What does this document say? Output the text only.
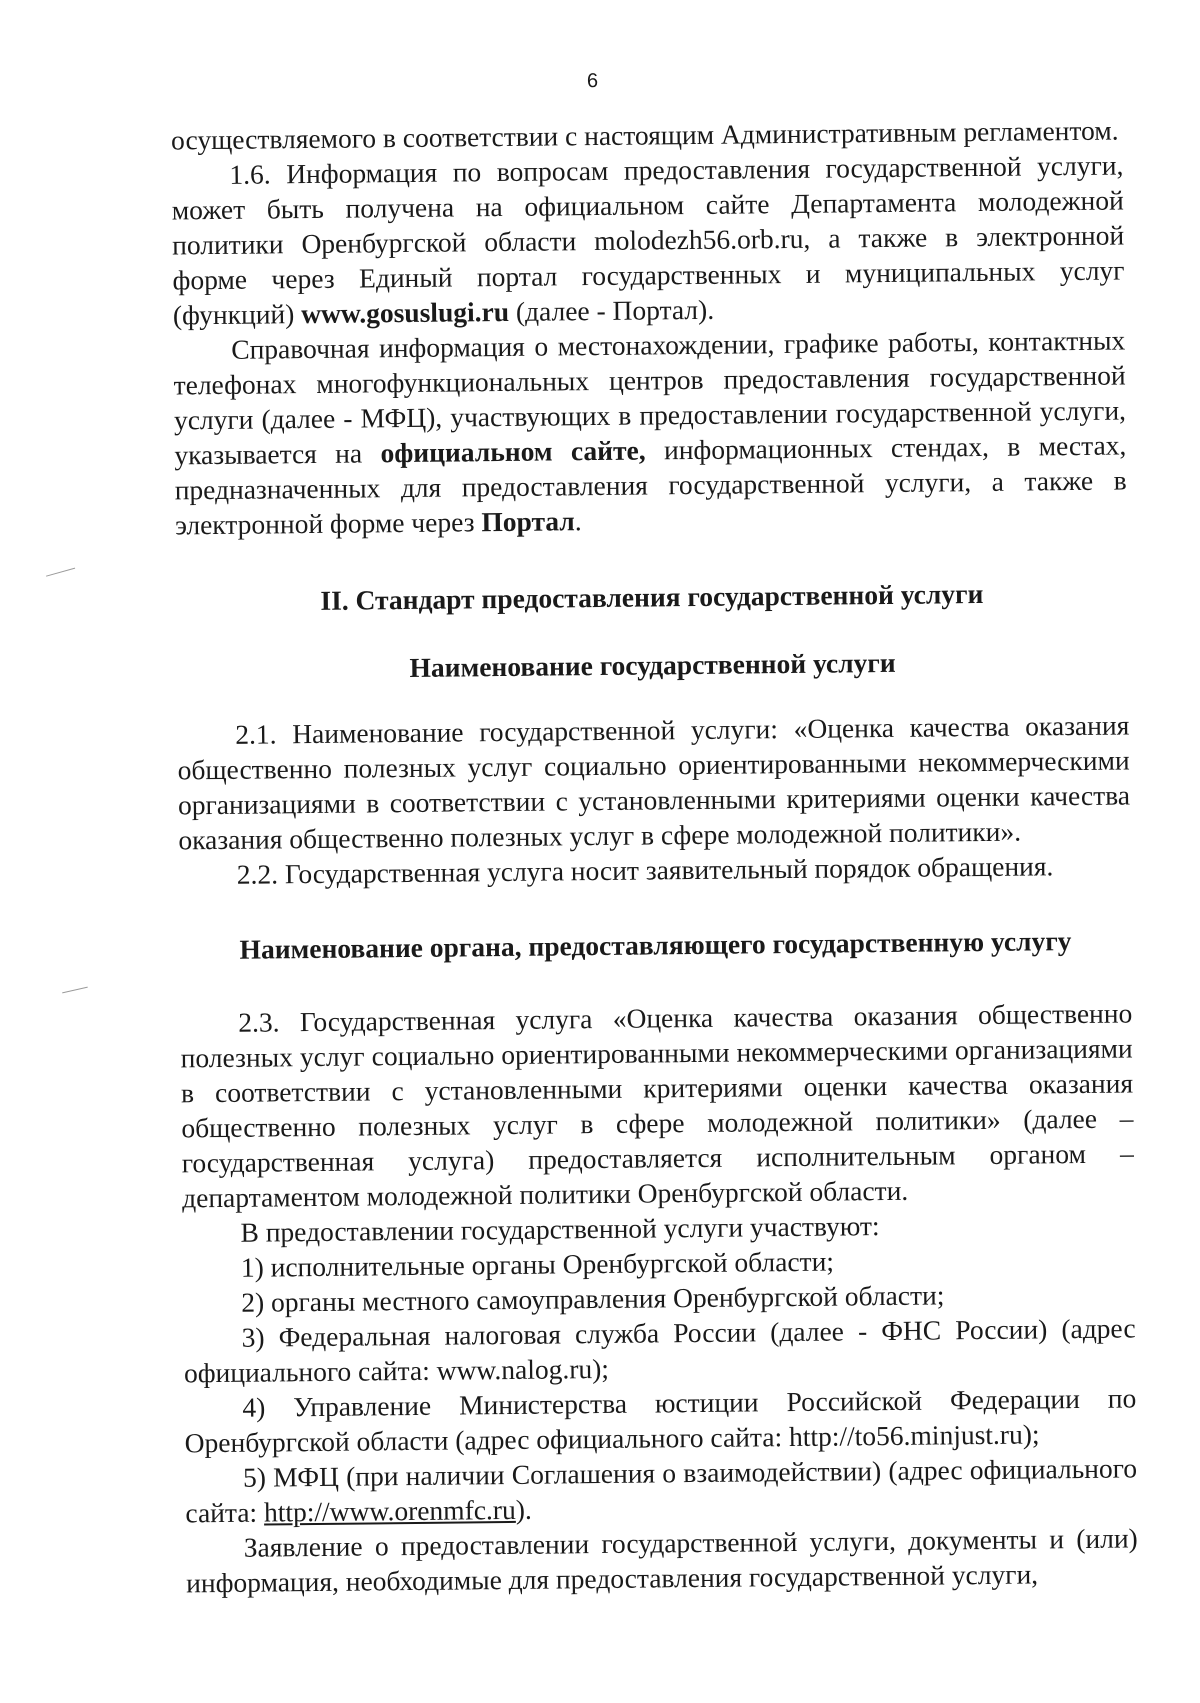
6

осуществляемого в соответствии с настоящим Административным регламентом.

1.6. Информация по вопросам предоставления государственной услуги, может быть получена на официальном сайте Департамента молодежной политики Оренбургской области molodezh56.orb.ru, а также в электронной форме через Единый портал государственных и муниципальных услуг (функций) www.gosuslugi.ru (далее - Портал).

Справочная информация о местонахождении, графике работы, контактных телефонах многофункциональных центров предоставления государственной услуги (далее - МФЦ), участвующих в предоставлении государственной услуги, указывается на официальном сайте, информационных стендах, в местах, предназначенных для предоставления государственной услуги, а также в электронной форме через Портал.

II. Стандарт предоставления государственной услуги
Наименование государственной услуги

2.1. Наименование государственной услуги: «Оценка качества оказания общественно полезных услуг социально ориентированными некоммерческими организациями в соответствии с установленными критериями оценки качества оказания общественно полезных услуг в сфере молодежной политики».

2.2. Государственная услуга носит заявительный порядок обращения.

Наименование органа, предоставляющего государственную услугу

2.3. Государственная услуга «Оценка качества оказания общественно полезных услуг социально ориентированными некоммерческими организациями в соответствии с установленными критериями оценки качества оказания общественно полезных услуг в сфере молодежной политики» (далее – государственная услуга) предоставляется исполнительным органом – департаментом молодежной политики Оренбургской области.

В предоставлении государственной услуги участвуют:

1) исполнительные органы Оренбургской области;

2) органы местного самоуправления Оренбургской области;

3) Федеральная налоговая служба России (далее - ФНС России) (адрес официального сайта: www.nalog.ru);

4) Управление Министерства юстиции Российской Федерации по Оренбургской области (адрес официального сайта: http://to56.minjust.ru);

5) МФЦ (при наличии Соглашения о взаимодействии) (адрес официального сайта: http://www.orenmfc.ru).

Заявление о предоставлении государственной услуги, документы и (или) информация, необходимые для предоставления государственной услуги,
